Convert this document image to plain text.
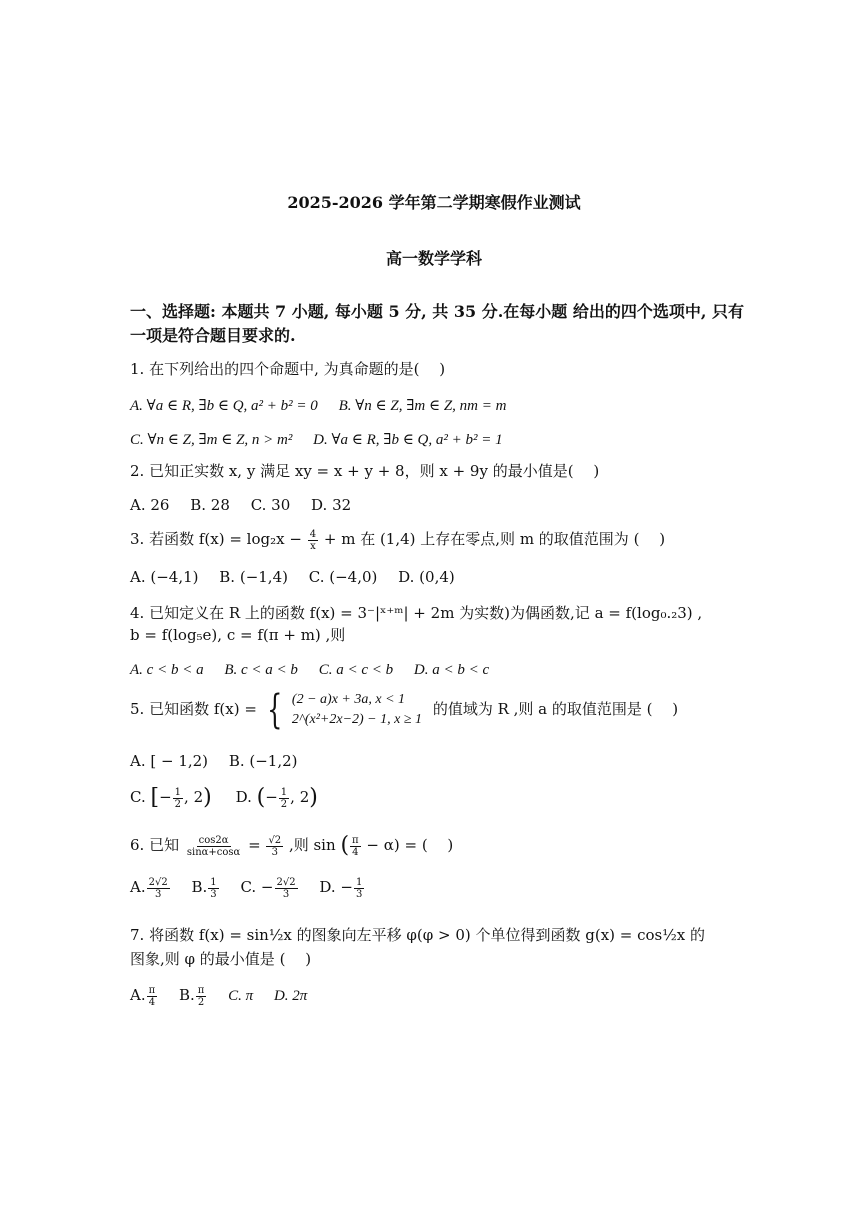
2025-2026 学年第二学期寒假作业测试
高一数学学科
一、选择题: 本题共 7 小题, 每小题 5 分, 共 35 分.在每小题 给出的四个选项中, 只有一项是符合题目要求的.
1. 在下列给出的四个命题中, 为真命题的是(　 )
A. ∀a ∈ R, ∃b ∈ Q, a² + b² = 0 B. ∀n ∈ Z, ∃m ∈ Z, nm = m
C. ∀n ∈ Z, ∃m ∈ Z, n > m² D. ∀a ∈ R, ∃b ∈ Q, a² + b² = 1
2. 已知正实数 x, y 满足 xy = x + y + 8，则 x + 9y 的最小值是(　 )
A. 26 B. 28 C. 30 D. 32
3. 若函数 $f(x) = \log_2x - \frac{4}{x} + m$ 在 (1,4) 上存在零点,则 m 的取值范围为 (　 )
A. (−4,1) B. (−1,4) C. (−4,0) D. (0,4)
4. 已知定义在 R 上的函数 f(x) = 3⁻|ˣ⁺ᵐ| + 2m 为实数)为偶函数,记 a = f(log₀.₂3) ,
b = f(log₅e), c = f(π + m) ,则
A. c < b < a B. c < a < b C. a < c < b D. a < b < c
5. 已知函数 f(x) = { (2 − a)x + 3a, x < 1
2^(x²+2x−2) − 1, x ≥ 1
的值域为 R ,则 a 的取值范围是 (　 )
A. [ − 1,2) B. (−1,2)
C. [− $\frac{1}{2}$ , 2) D. (− $\frac{1}{2}$ , 2)
6. 已知 $\frac{\cos 2\alpha}{\sin\alpha+\cos\alpha} = \frac{√2}{3}$ ,则 sin ( $\frac{\pi}{4} - \alpha$) = (　 )
A. $\frac{2√2}{3} B$. $\frac{1}{3} C$. − $\frac{2√2}{3} D$. − $\frac{1}{3}$
7. 将函数 f(x) = sin½x 的图象向左平移 φ(φ > 0) 个单位得到函数 g(x) = cos½x 的
图象,则 φ 的最小值是 (　 )
A. $\frac{\pi}{4} B$. $\frac{\pi}{2} C$. π D. 2π
